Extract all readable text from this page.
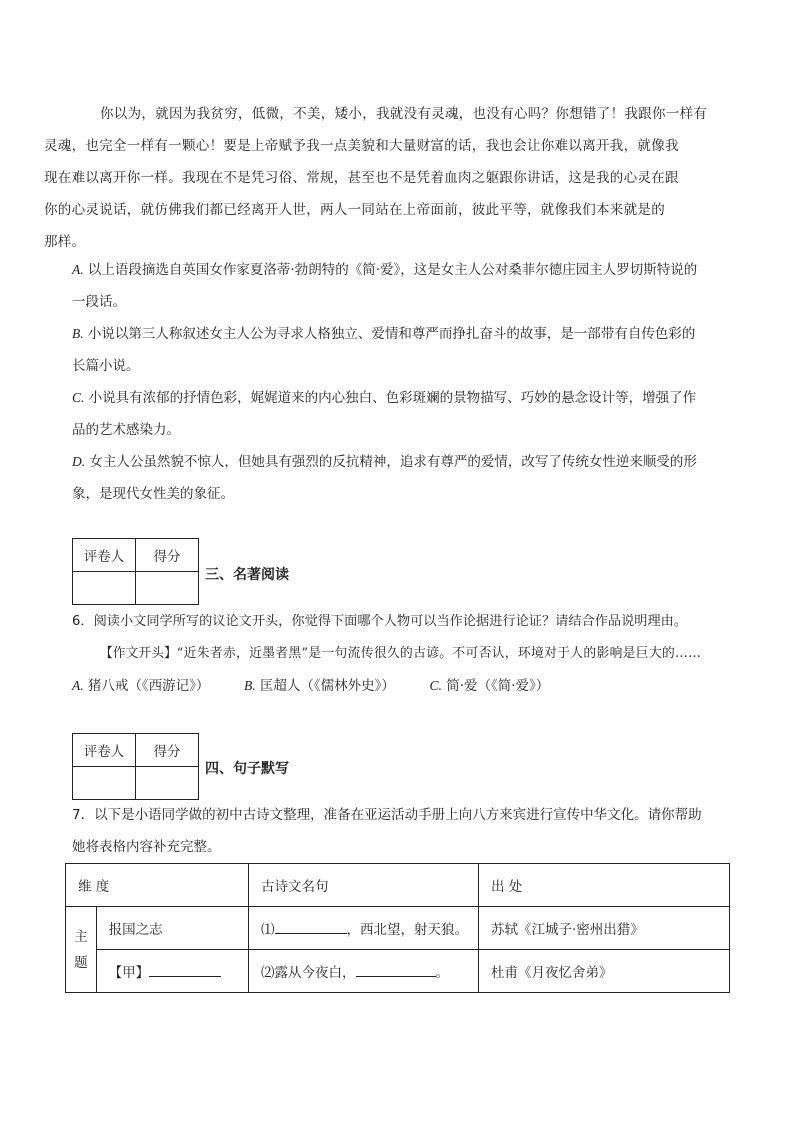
你以为，就因为我贫穷，低微，不美，矮小，我就没有灵魂，也没有心吗？你想错了！我跟你一样有
灵魂，也完全一样有一颗心！要是上帝赋予我一点美貌和大量财富的话，我也会让你难以离开我，就像我
现在难以离开你一样。我现在不是凭习俗、常规，甚至也不是凭着血肉之躯跟你讲话，这是我的心灵在跟
你的心灵说话，就仿佛我们都已经离开人世，两人一同站在上帝面前，彼此平等，就像我们本来就是的
那样。
A. 以上语段摘选自英国女作家夏洛蒂·勃朗特的《简·爱》，这是女主人公对桑菲尔德庄园主人罗切斯特说的
一段话。
B. 小说以第三人称叙述女主人公为寻求人格独立、爱情和尊严而挣扎奋斗的故事，是一部带有自传色彩的
长篇小说。
C. 小说具有浓郁的抒情色彩，娓娓道来的内心独白、色彩斑斓的景物描写、巧妙的悬念设计等，增强了作
品的艺术感染力。
D. 女主人公虽然貌不惊人，但她具有强烈的反抗精神，追求有尊严的爱情，改写了传统女性逆来顺受的形
象，是现代女性美的象征。
评卷人	得分

三、名著阅读
6．阅读小文同学所写的议论文开头，你觉得下面哪个人物可以当作论据进行论证？请结合作品说明理由。
【作文开头】“近朱者赤，近墨者黑”是一句流传很久的古谚。不可否认，环境对于人的影响是巨大的……
A. 猪八戒（《西游记》）	B. 匡超人（《儒林外史》）	C. 简·爱（《简·爱》）
评卷人	得分

四、句子默写
7．以下是小语同学做的初中古诗文整理，准备在亚运活动手册上向八方来宾进行宣传中华文化。请你帮助
她将表格内容补充完整。
维 度		古诗文名句	出 处

主
题	报国之志	⑴ ，西北望，射天狼。	苏轼《江城子·密州出猎》
	【甲】	⑵露从今夜白， 。	杜甫《月夜忆舍弟》
